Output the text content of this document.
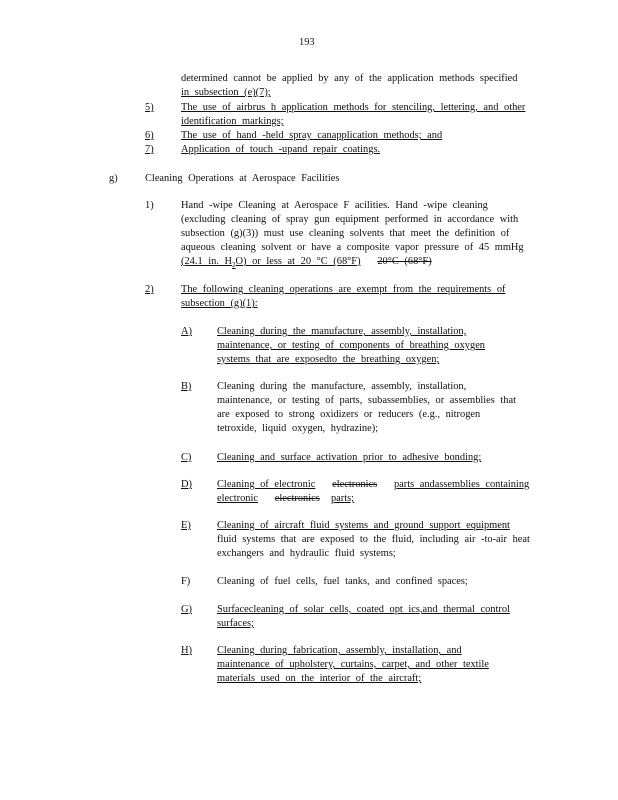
193
determined cannot be applied by any of the application methods specified
in subsection (e)(7);
5)	The use of airbrus h application methods for stenciling, lettering, and other
identification markings;
6)	The use of hand -held spray canapplication methods; and
7)	Application of touch -upand repair coatings.
g)	Cleaning Operations at Aerospace Facilities
1)	Hand -wipe Cleaning at Aerospace F acilities. Hand -wipe cleaning
(excluding cleaning of spray gun equipment performed in accordance with
subsection (g)(3)) must use cleaning solvents that meet the definition of
aqueous cleaning solvent or have a composite vapor pressure of 45 mmHg
(24.1 in. $H_2O$) or less at 20 °C (68°F) 20°C (68°F)
2)	The following cleaning operations are exempt from the requirements of
subsection (g)(1):
A) Cleaning during the manufacture, assembly, installation,
maintenance, or testing of components of breathing oxygen
systems that are exposedto the breathing oxygen;
B) Cleaning during the manufacture, assembly, installation,
maintenance, or testing of parts, subassemblies, or assemblies that
are exposed to strong oxidizers or reducers (e.g., nitrogen
tetroxide, liquid oxygen, hydrazine);
C) Cleaning and surface activation prior to adhesive bonding;
D) Cleaning of electronic electronics parts andassemblies containing
electronic electronics parts;
E)	Cleaning of aircraft fluid systems and ground support equipment
fluid systems that are exposed to the fluid, including air -to-air heat
exchangers and hydraulic fluid systems;
F)	Cleaning of fuel cells, fuel tanks, and confined spaces;
G) Surfacecleaning of solar cells, coated opt ics,and thermal control
surfaces;
H) Cleaning during fabrication, assembly, installation, and
maintenance of upholstery, curtains, carpet, and other textile
materials used on the interior of the aircraft;
